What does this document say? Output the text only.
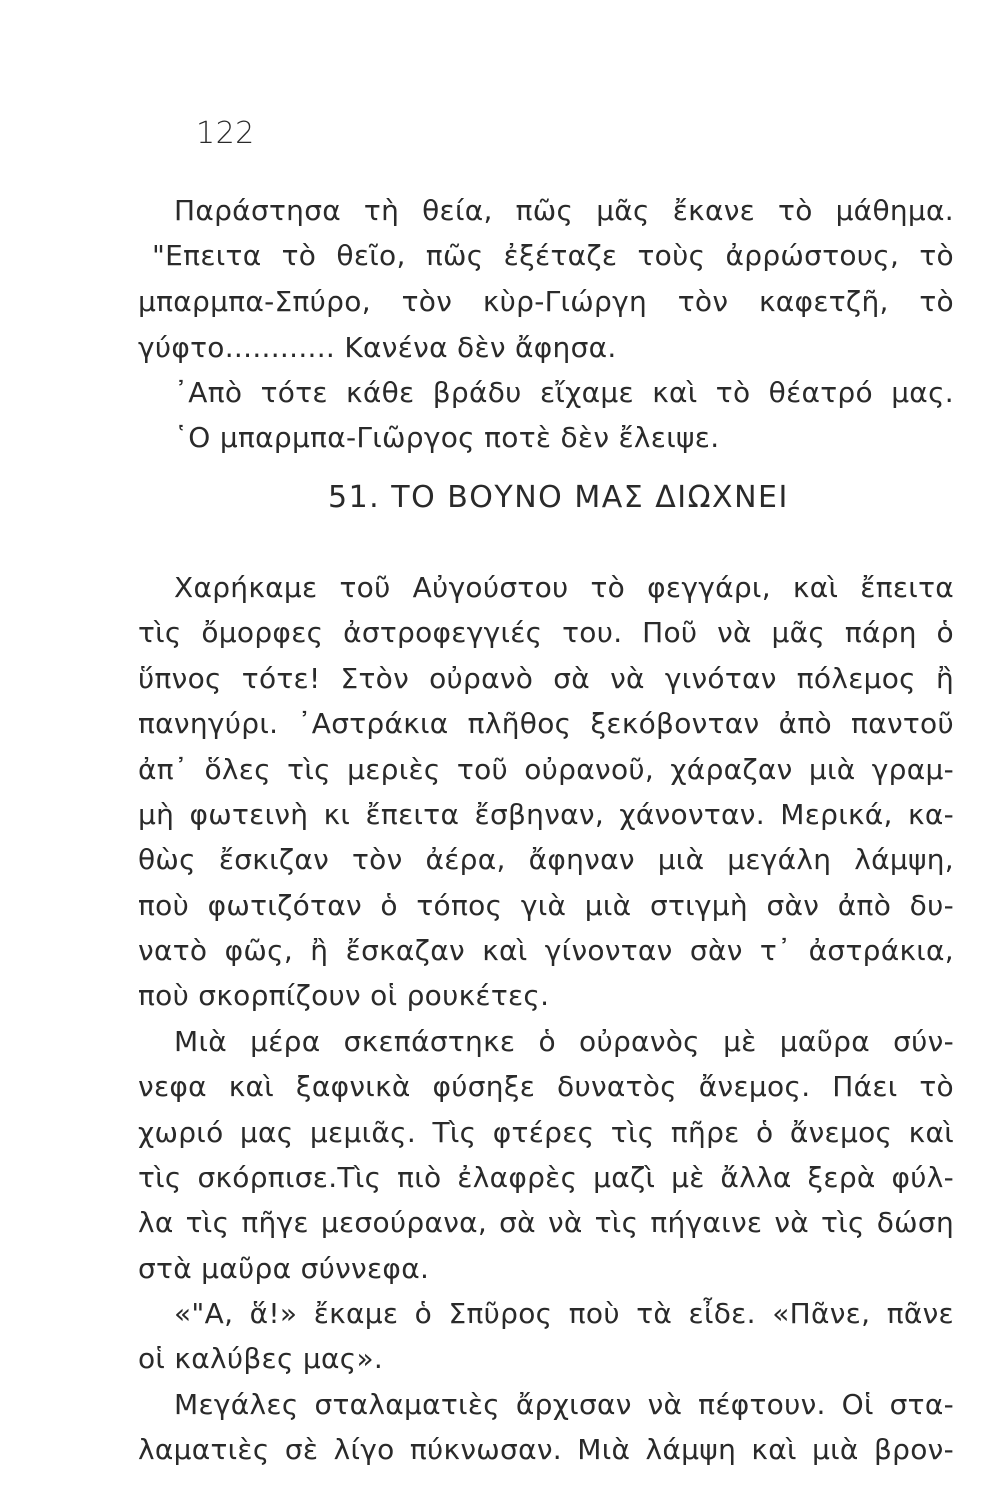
122
Παράστησα τὴ θεία, πῶς μᾶς ἔκανε τὸ μάθημα.
"Επειτα τὸ θεῖο, πῶς ἐξέταζε τοὺς ἀρρώστους, τὸ
μπαρμπα-Σπύρο, τὸν κὺρ-Γιώργη τὸν καφετζῆ, τὸ
γύφτο............ Κανένα δὲν ἄφησα.
᾿Απὸ τότε κάθε βράδυ εἴχαμε καὶ τὸ θέατρό μας.
῾Ο μπαρμπα-Γιῶργος ποτὲ δὲν ἔλειψε.
51. ΤΟ ΒΟΥΝΟ ΜΑΣ ΔΙΩΧΝΕΙ
Χαρήκαμε τοῦ Αὐγούστου τὸ φεγγάρι, καὶ ἔπειτα
τὶς ὄμορφες ἀστροφεγγιές του. Ποῦ νὰ μᾶς πάρη ὁ
ὕπνος τότε! Στὸν οὐρανὸ σὰ νὰ γινόταν πόλεμος ἢ
πανηγύρι. ᾿Αστράκια πλῆθος ξεκόβονταν ἀπὸ παντοῦ
ἀπ᾿ ὅλες τὶς μεριὲς τοῦ οὐρανοῦ, χάραζαν μιὰ γραμ-
μὴ φωτεινὴ κι ἔπειτα ἔσβηναν, χάνονταν. Μερικά, κα-
θὼς ἔσκιζαν τὸν ἀέρα, ἄφηναν μιὰ μεγάλη λάμψη,
ποὺ φωτιζόταν ὁ τόπος γιὰ μιὰ στιγμὴ σὰν ἀπὸ δυ-
νατὸ φῶς, ἢ ἔσκαζαν καὶ γίνονταν σὰν τ᾿ ἀστράκια,
ποὺ σκορπίζουν οἱ ρουκέτες.
Μιὰ μέρα σκεπάστηκε ὁ οὐρανὸς μὲ μαῦρα σύν-
νεφα καὶ ξαφνικὰ φύσηξε δυνατὸς ἄνεμος. Πάει τὸ
χωριό μας μεμιᾶς. Τὶς φτέρες τὶς πῆρε ὁ ἄνεμος καὶ
τὶς σκόρπισε.Τὶς πιὸ ἐλαφρὲς μαζὶ μὲ ἄλλα ξερὰ φύλ-
λα τὶς πῆγε μεσούρανα, σὰ νὰ τὶς πήγαινε νὰ τὶς δώση
στὰ μαῦρα σύννεφα.
«"Α, ἅ!» ἔκαμε ὁ Σπῦρος ποὺ τὰ εἶδε. «Πᾶνε, πᾶνε
οἱ καλύβες μας».
Μεγάλες σταλαματιὲς ἄρχισαν νὰ πέφτουν. Οἱ στα-
λαματιὲς σὲ λίγο πύκνωσαν. Μιὰ λάμψη καὶ μιὰ βρον-
